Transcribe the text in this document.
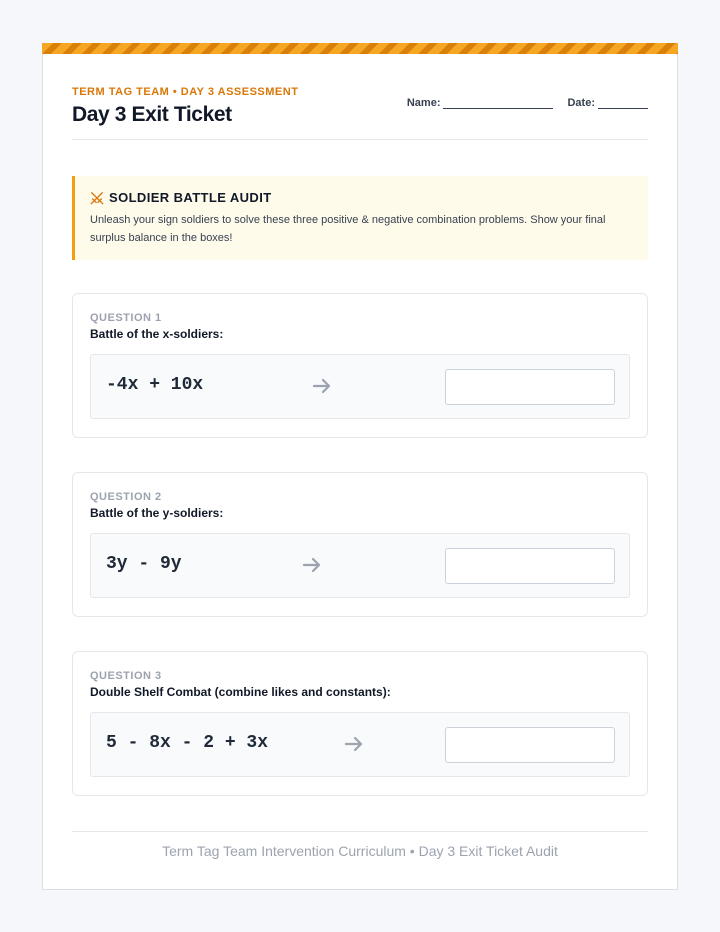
TERM TAG TEAM • DAY 3 ASSESSMENT
Day 3 Exit Ticket	Name:	Date:
SOLDIER BATTLE AUDIT
Unleash your sign soldiers to solve these three positive & negative combination problems. Show your final surplus balance in the boxes!
QUESTION 1
Battle of the x-soldiers:
-4x + 10x
QUESTION 2
Battle of the y-soldiers:
3y - 9y
QUESTION 3
Double Shelf Combat (combine likes and constants):
5 - 8x - 2 + 3x
Term Tag Team Intervention Curriculum • Day 3 Exit Ticket Audit
